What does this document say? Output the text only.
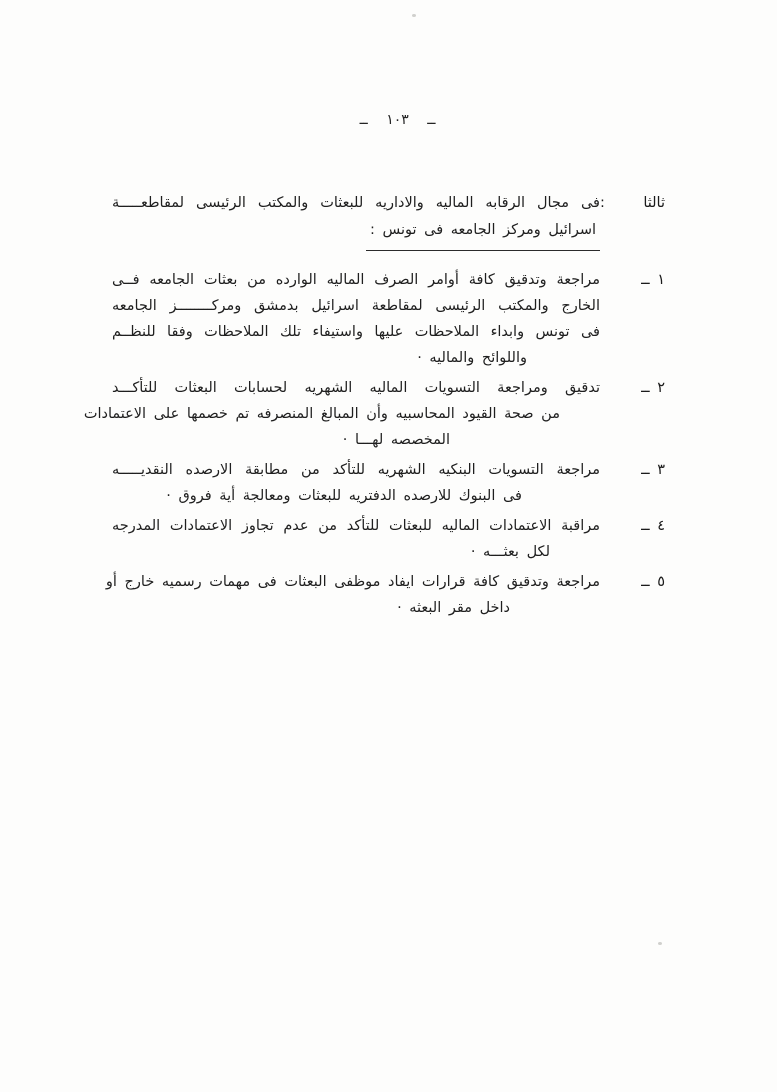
ــ ١٠٣ ــ
ثالثا :
فى مجال الرقابه الماليه والاداريه للبعثات والمكتب الرئيسى لمقاطعـــــة
اسرائيل ومركز الجامعه فى تونس :
١ ــ
مراجعة وتدقيق كافة أوامر الصرف الماليه الوارده من بعثات الجامعه فــى
الخارج والمكتب الرئيسى لمقاطعة اسرائيل بدمشق ومركــــــــز الجامعه
فى تونس وابداء الملاحظات عليها واستيفاء تلك الملاحظات وفقا للنظــم
واللوائح والماليه ·
٢ ــ
تدقيق ومراجعة التسويات الماليه الشهريه لحسابات البعثات للتأكـــد
من صحة القيود المحاسبيه وأن المبالغ المنصرفه تم خصمها على الاعتمادات
المخصصه لهـــا ·
٣ ــ
مراجعة التسويات البنكيه الشهريه للتأكد من مطابقة الارصده النقديـــــه
فى البنوك للارصده الدفتريه للبعثات ومعالجة أية فروق ·
٤ ــ
مراقبة الاعتمادات الماليه للبعثات للتأكد من عدم تجاوز الاعتمادات المدرجه
لكل بعثـــه ·
٥ ــ
مراجعة وتدقيق كافة قرارات ايفاد موظفى البعثات فى مهمات رسميه خارج أو
داخل مقر البعثه ·
